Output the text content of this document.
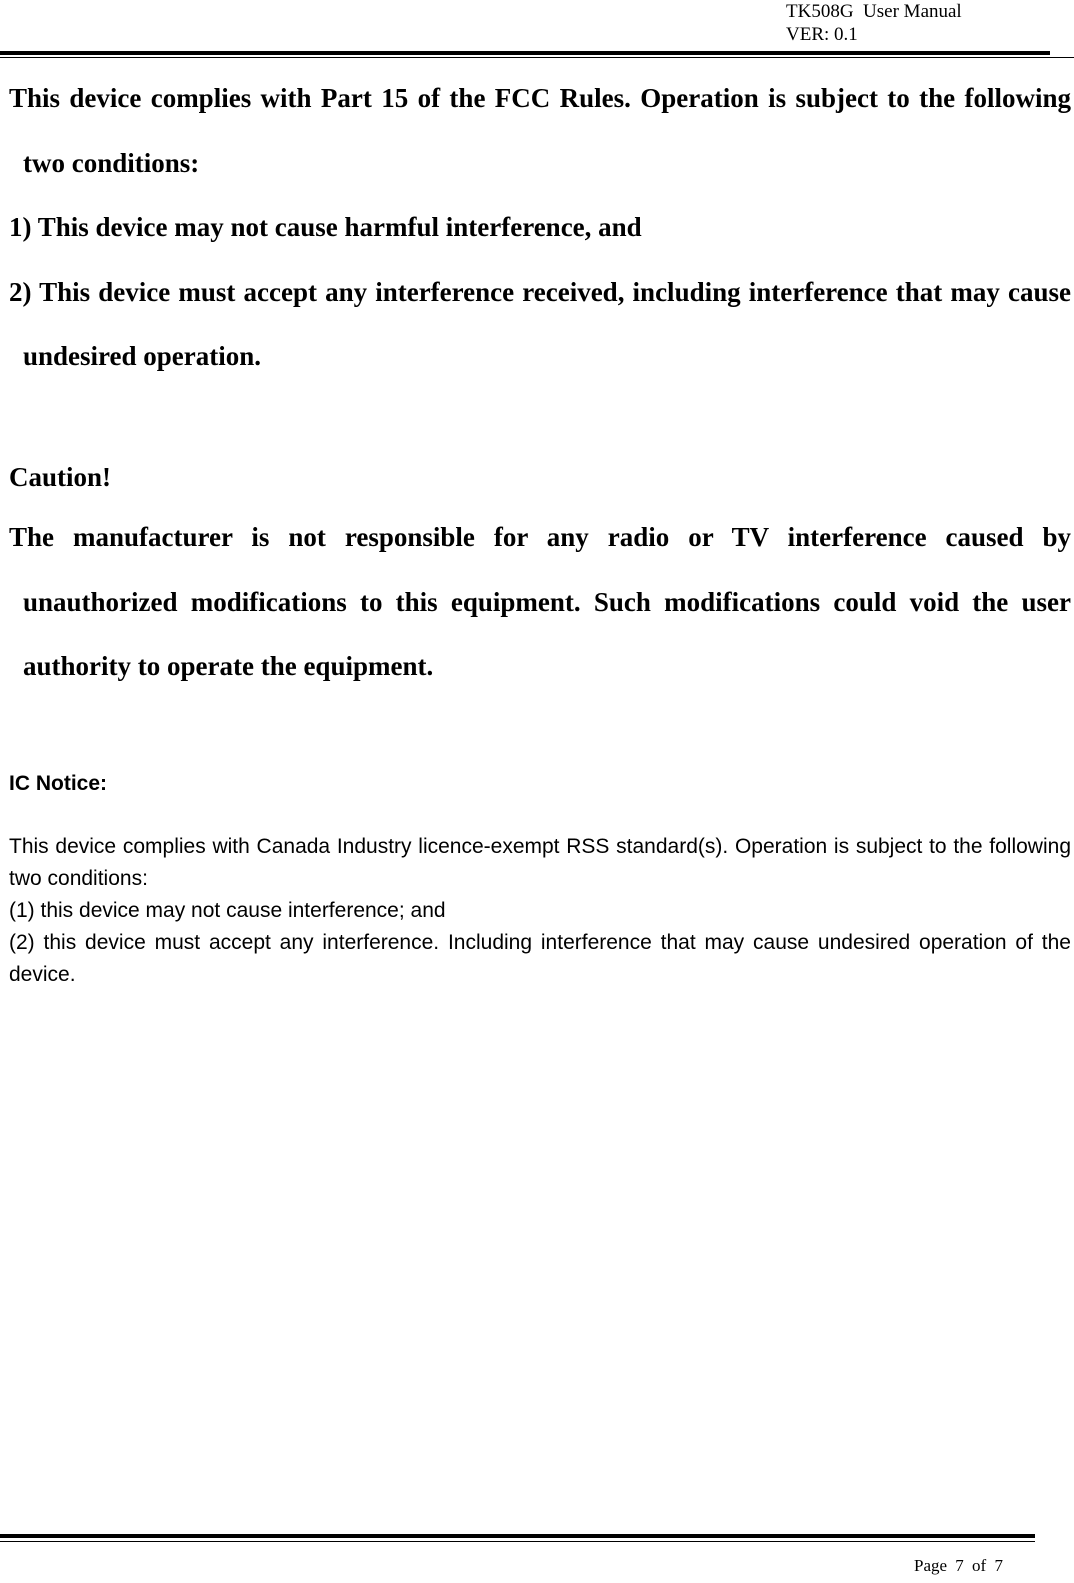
TK508G  User Manual
VER: 0.1

This device complies with Part 15 of the FCC Rules. Operation is subject to the following two conditions:

1) This device may not cause harmful interference, and

2) This device must accept any interference received, including interference that may cause undesired operation.

Caution!

The manufacturer is not responsible for any radio or TV interference caused by unauthorized modifications to this equipment. Such modifications could void the user authority to operate the equipment.

IC Notice:

This device complies with Canada Industry licence-exempt RSS standard(s). Operation is subject to the following two conditions:

(1) this device may not cause interference; and

(2) this device must accept any interference. Including interference that may cause undesired operation of the device.

Page 7 of 7
